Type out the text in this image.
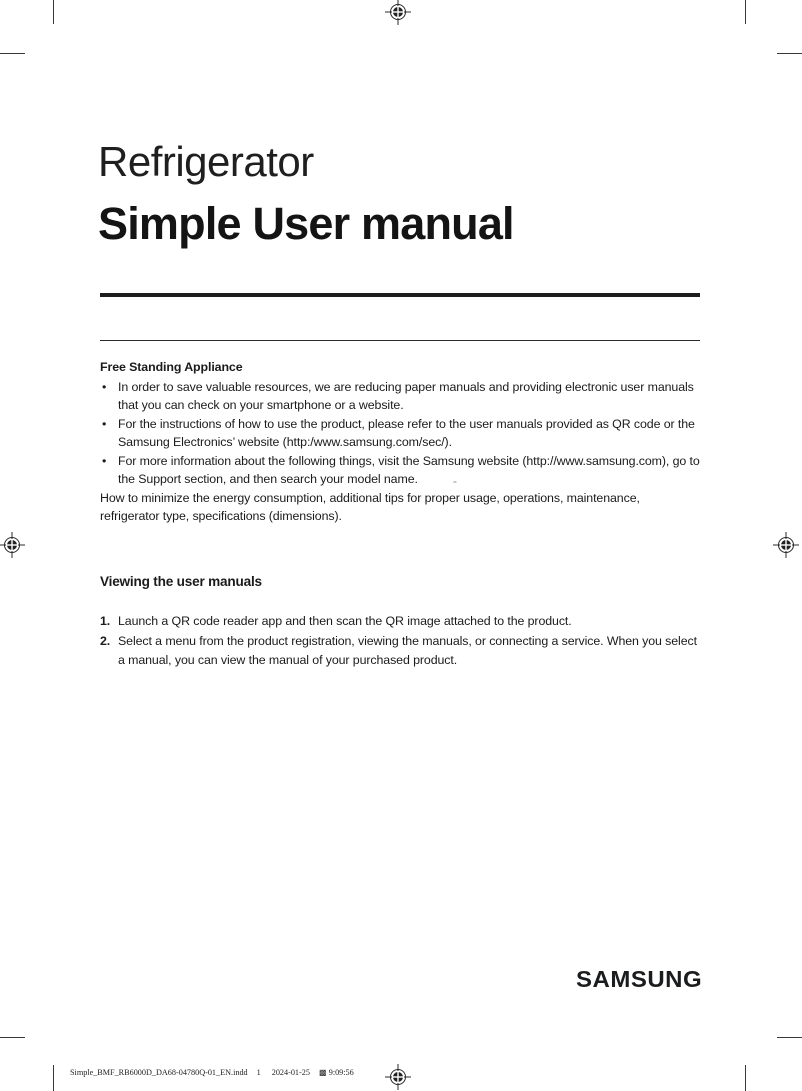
Refrigerator
Simple User manual

Free Standing Appliance

• In order to save valuable resources, we are reducing paper manuals and providing electronic user manuals that you can check on your smartphone or a website.
• For the instructions of how to use the product, please refer to the user manuals provided as QR code or the Samsung Electronics’ website (http:/www.samsung.com/sec/).
• For more information about the following things, visit the Samsung website (http://www.samsung.com), go to the Support section, and then search your model name.
- How to minimize the energy consumption, additional tips for proper usage, operations, maintenance, refrigerator type, specifications (dimensions).

Viewing the user manuals

1. Launch a QR code reader app and then scan the QR image attached to the product.
2. Select a menu from the product registration, viewing the manuals, or connecting a service. When you select a manual, you can view the manual of your purchased product.
SAMSUNG
Simple_BMF_RB6000D_DA68-04780Q-01_EN.indd 1 2024-01-25 ▩ 9:09:56
